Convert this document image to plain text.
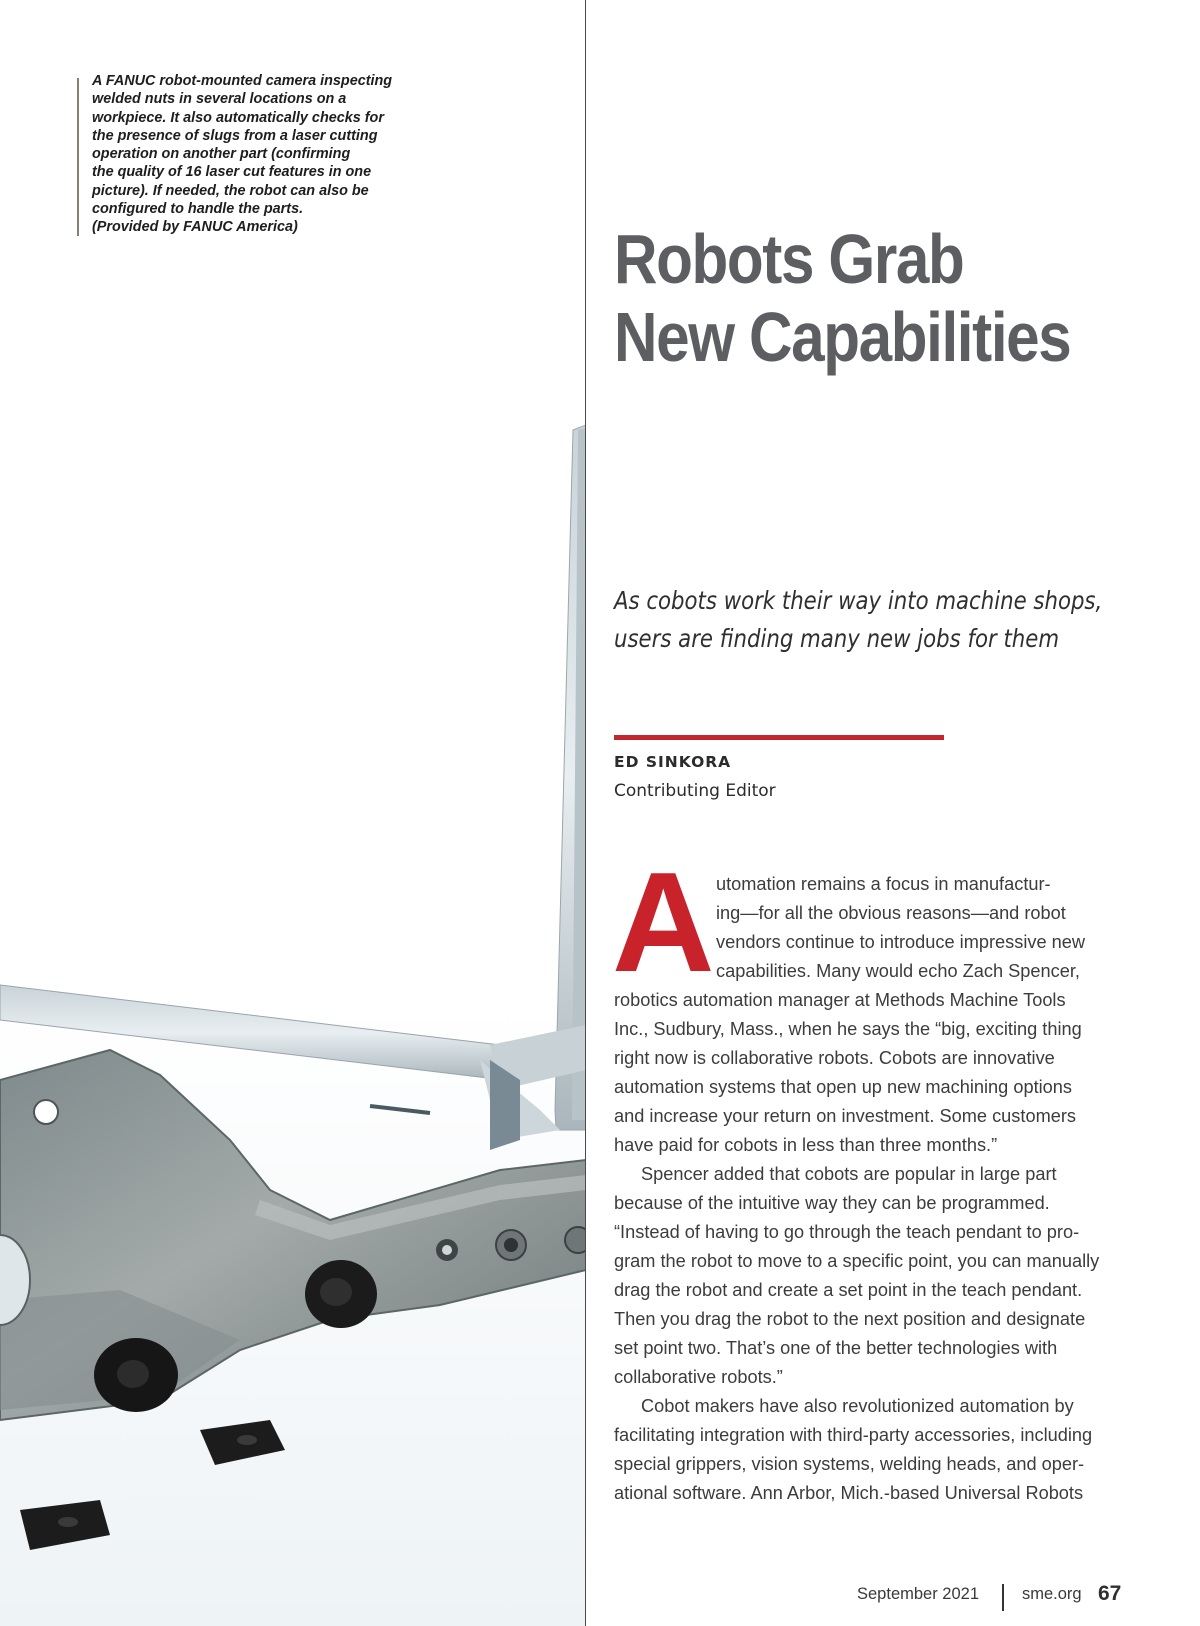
A FANUC robot-mounted camera inspecting
welded nuts in several locations on a
workpiece. It also automatically checks for
the presence of slugs from a laser cutting
operation on another part (confirming
the quality of 16 laser cut features in one
picture). If needed, the robot can also be
configured to handle the parts.
(Provided by FANUC America)	Robots Grab
New Capabilities

As cobots work their way into machine shops,
users are finding many new jobs for them

ED SINKORA
Contributing Editor
A utomation remains a focus in manufactur-
ing—for all the obvious reasons—and robot
vendors continue to introduce impressive new
capabilities. Many would echo Zach Spencer,
robotics automation manager at Methods Machine Tools
Inc., Sudbury, Mass., when he says the “big, exciting thing
right now is collaborative robots. Cobots are innovative
automation systems that open up new machining options
and increase your return on investment. Some customers
have paid for cobots in less than three months.”
Spencer added that cobots are popular in large part
because of the intuitive way they can be programmed.
“Instead of having to go through the teach pendant to pro-
gram the robot to move to a specific point, you can manually
drag the robot and create a set point in the teach pendant.
Then you drag the robot to the next position and designate
set point two. That’s one of the better technologies with
collaborative robots.”
Cobot makers have also revolutionized automation by
facilitating integration with third-party accessories, including
special grippers, vision systems, welding heads, and oper-
ational software. Ann Arbor, Mich.-based Universal Robots
September 2021	sme.org 67
